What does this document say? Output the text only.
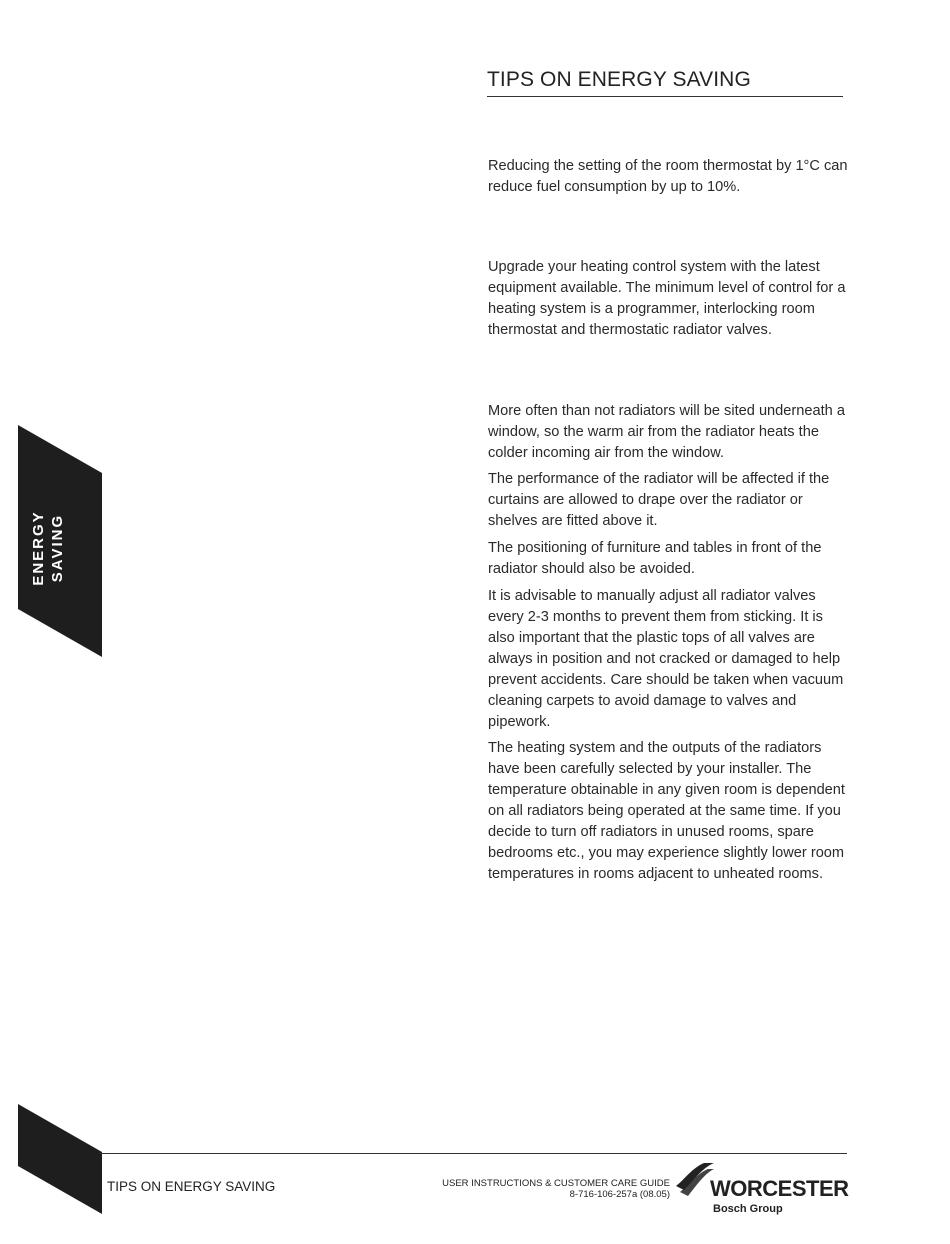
ENERGY SAVING
TIPS ON ENERGY SAVING

Reducing the setting of the room thermostat by 1°C can reduce fuel consumption by up to 10%.

Upgrade your heating control system with the latest equipment available. The minimum level of control for a heating system is a programmer, interlocking room thermostat and thermostatic radiator valves.

More often than not radiators will be sited underneath a window, so the warm air from the radiator heats the colder incoming air from the window.

The performance of the radiator will be affected if the curtains are allowed to drape over the radiator or shelves are fitted above it.

The positioning of furniture and tables in front of the radiator should also be avoided.

It is advisable to manually adjust all radiator valves every 2-3 months to prevent them from sticking. It is also important that the plastic tops of all valves are always in position and not cracked or damaged to help prevent accidents. Care should be taken when vacuum cleaning carpets to avoid damage to valves and pipework.

The heating system and the outputs of the radiators have been carefully selected by your installer. The temperature obtainable in any given room is dependent on all radiators being operated at the same time. If you decide to turn off radiators in unused rooms, spare bedrooms etc., you may experience slightly lower room temperatures in rooms adjacent to unheated rooms.

TIPS ON ENERGY SAVING	USER INSTRUCTIONS & CUSTOMER CARE GUIDE
8-716-106-257a (08.05) WORCESTER
Bosch Group
